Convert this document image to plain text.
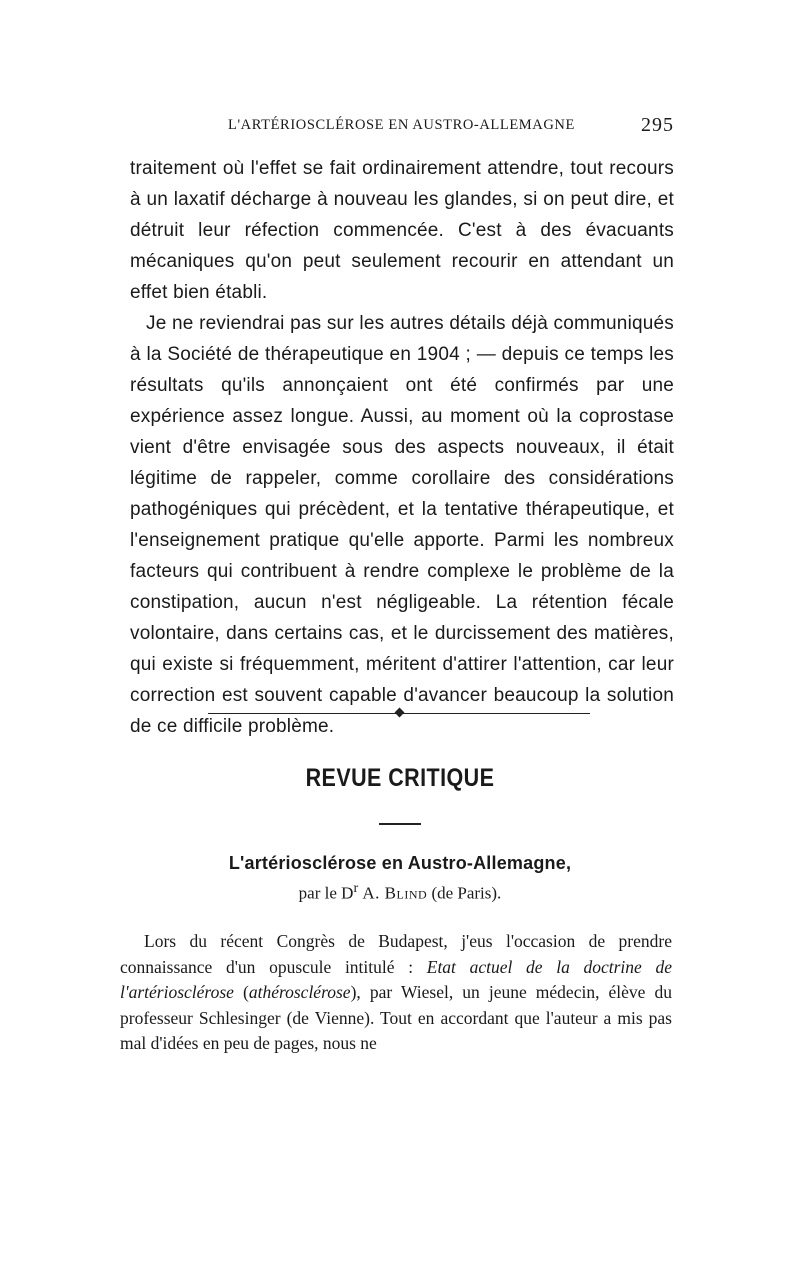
L'ARTÉRIOSCLÉROSE EN AUSTRO-ALLEMAGNE	295

traitement où l'effet se fait ordinairement attendre, tout recours à un laxatif décharge à nouveau les glandes, si on peut dire, et détruit leur réfection commencée. C'est à des évacuants mécaniques qu'on peut seulement recourir en attendant un effet bien établi.

Je ne reviendrai pas sur les autres détails déjà communiqués à la Société de thérapeutique en 1904 ; — depuis ce temps les résultats qu'ils annonçaient ont été confirmés par une expérience assez longue. Aussi, au moment où la coprostase vient d'être envisagée sous des aspects nouveaux, il était légitime de rappeler, comme corollaire des considérations pathogéniques qui précèdent, et la tentative thérapeutique, et l'enseignement pratique qu'elle apporte. Parmi les nombreux facteurs qui contribuent à rendre complexe le problème de la constipation, aucun n'est négligeable. La rétention fécale volontaire, dans certains cas, et le durcissement des matières, qui existe si fréquemment, méritent d'attirer l'attention, car leur correction est souvent capable d'avancer beaucoup la solution de ce difficile problème.

REVUE CRITIQUE
L'artériosclérose en Austro-Allemagne,
par le $D^r$ A. Blind (de Paris).

Lors du récent Congrès de Budapest, j'eus l'occasion de prendre connaissance d'un opuscule intitulé : Etat actuel de la doctrine de l'artériosclérose (athérosclérose), par Wiesel, un jeune médecin, élève du professeur Schlesinger (de Vienne). Tout en accordant que l'auteur a mis pas mal d'idées en peu de pages, nous ne
